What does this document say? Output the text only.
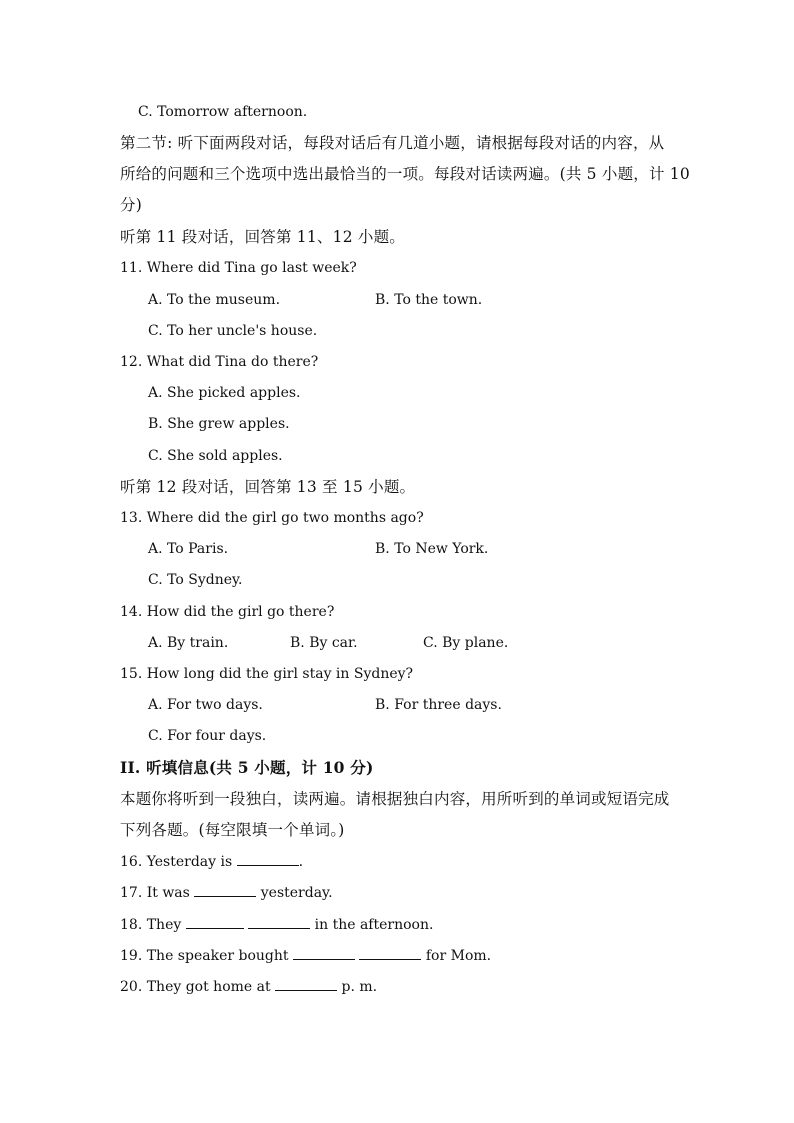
C. Tomorrow afternoon.
第二节: 听下面两段对话，每段对话后有几道小题，请根据每段对话的内容，从
所给的问题和三个选项中选出最恰当的一项。每段对话读两遍。(共 5 小题，计 10
分)
听第 11 段对话，回答第 11、12 小题。
11. Where did Tina go last week?
A. To the museum.	B. To the town.
C. To her uncle's house.
12. What did Tina do there?
A. She picked apples.
B. She grew apples.
C. She sold apples.
听第 12 段对话，回答第 13 至 15 小题。
13. Where did the girl go two months ago?
A. To Paris.	B. To New York.
C. To Sydney.
14. How did the girl go there?
A. By train.	B. By car.	C. By plane.
15. How long did the girl stay in Sydney?
A. For two days.	B. For three days.
C. For four days.
II. 听填信息(共 5 小题，计 10 分)
本题你将听到一段独白，读两遍。请根据独白内容，用所听到的单词或短语完成
下列各题。(每空限填一个单词。)
16. Yesterday is	.
17. It was	yesterday.
18. They	in the afternoon.
19. The speaker bought	for Mom.
20. They got home at	p. m.
